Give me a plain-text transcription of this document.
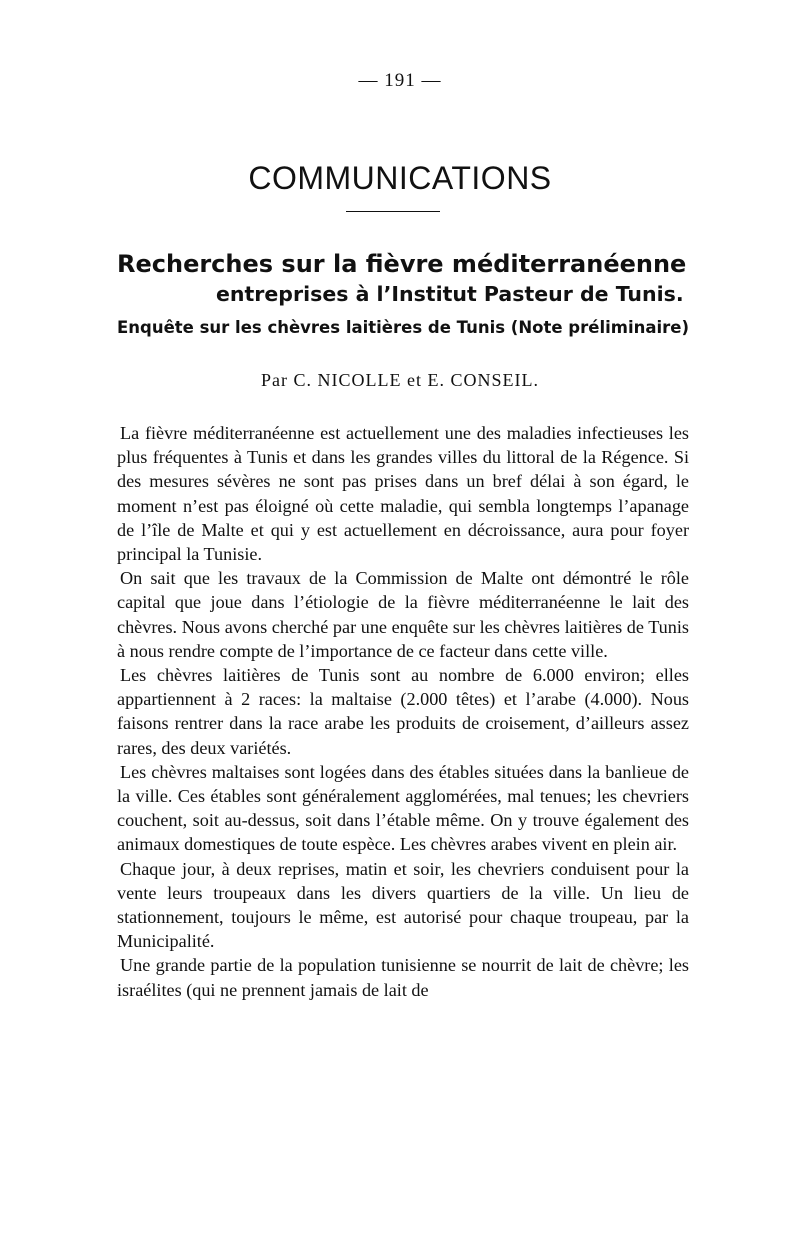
— 191 —
COMMUNICATIONS
Recherches sur la fièvre méditerranéenne
entreprises à l’Institut Pasteur de Tunis.
Enquête sur les chèvres laitières de Tunis (Note préliminaire)
Par C. NICOLLE et E. CONSEIL.

La fièvre méditerranéenne est actuellement une des maladies infectieuses les plus fréquentes à Tunis et dans les grandes villes du littoral de la Régence. Si des mesures sévères ne sont pas prises dans un bref délai à son égard, le moment n’est pas éloigné où cette maladie, qui sembla longtemps l’apanage de l’île de Malte et qui y est actuellement en décroissance, aura pour foyer principal la Tunisie.

On sait que les travaux de la Commission de Malte ont démontré le rôle capital que joue dans l’étiologie de la fièvre méditerranéenne le lait des chèvres. Nous avons cherché par une enquête sur les chèvres laitières de Tunis à nous rendre compte de l’importance de ce facteur dans cette ville.

Les chèvres laitières de Tunis sont au nombre de 6.000 environ; elles appartiennent à 2 races: la maltaise (2.000 têtes) et l’arabe (4.000). Nous faisons rentrer dans la race arabe les produits de croisement, d’ailleurs assez rares, des deux variétés.

Les chèvres maltaises sont logées dans des étables situées dans la banlieue de la ville. Ces étables sont généralement agglomérées, mal tenues; les chevriers couchent, soit au-dessus, soit dans l’étable même. On y trouve également des animaux domestiques de toute espèce. Les chèvres arabes vivent en plein air.

Chaque jour, à deux reprises, matin et soir, les chevriers conduisent pour la vente leurs troupeaux dans les divers quartiers de la ville. Un lieu de stationnement, toujours le même, est autorisé pour chaque troupeau, par la Municipalité.

Une grande partie de la population tunisienne se nourrit de lait de chèvre; les israélites (qui ne prennent jamais de lait de
